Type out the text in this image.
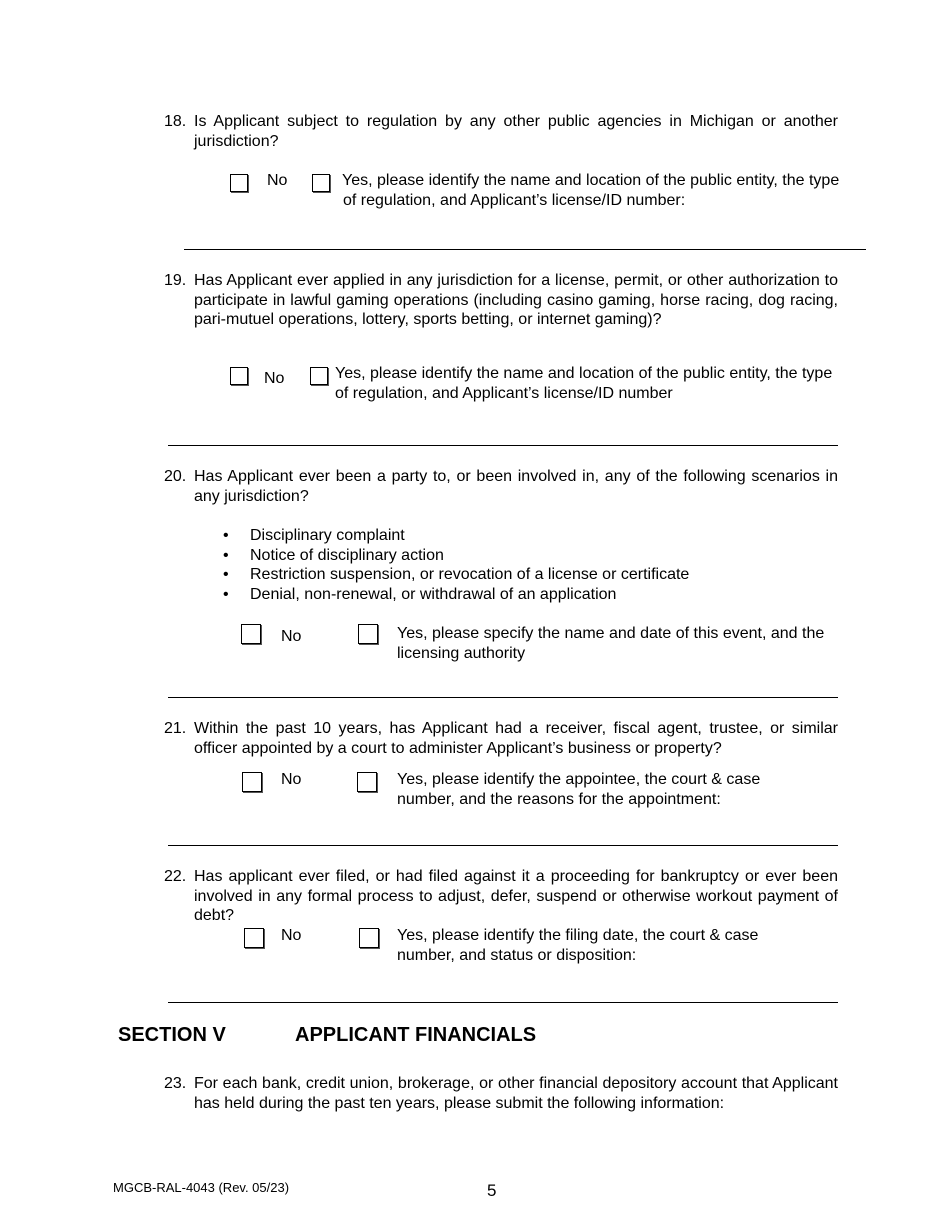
18. Is Applicant subject to regulation by any other public agencies in Michigan or another jurisdiction?
No	Yes, please identify the name and location of the public entity, the type of regulation, and Applicant’s license/ID number:
19. Has Applicant ever applied in any jurisdiction for a license, permit, or other authorization to participate in lawful gaming operations (including casino gaming, horse racing, dog racing, pari-mutuel operations, lottery, sports betting, or internet gaming)?
No	Yes, please identify the name and location of the public entity, the type of regulation, and Applicant’s license/ID number
20. Has Applicant ever been a party to, or been involved in, any of the following scenarios in any jurisdiction?
• Disciplinary complaint
• Notice of disciplinary action
• Restriction suspension, or revocation of a license or certificate
• Denial, non-renewal, or withdrawal of an application
No	Yes, please specify the name and date of this event, and the licensing authority
21. Within the past 10 years, has Applicant had a receiver, fiscal agent, trustee, or similar officer appointed by a court to administer Applicant’s business or property?
No	Yes, please identify the appointee, the court & case number, and the reasons for the appointment:
22. Has applicant ever filed, or had filed against it a proceeding for bankruptcy or ever been involved in any formal process to adjust, defer, suspend or otherwise workout payment of debt?
No	Yes, please identify the filing date, the court & case number, and status or disposition:
SECTION V	APPLICANT FINANCIALS
23. For each bank, credit union, brokerage, or other financial depository account that Applicant has held during the past ten years, please submit the following information:
MGCB-RAL-4043 (Rev. 05/23)	5
